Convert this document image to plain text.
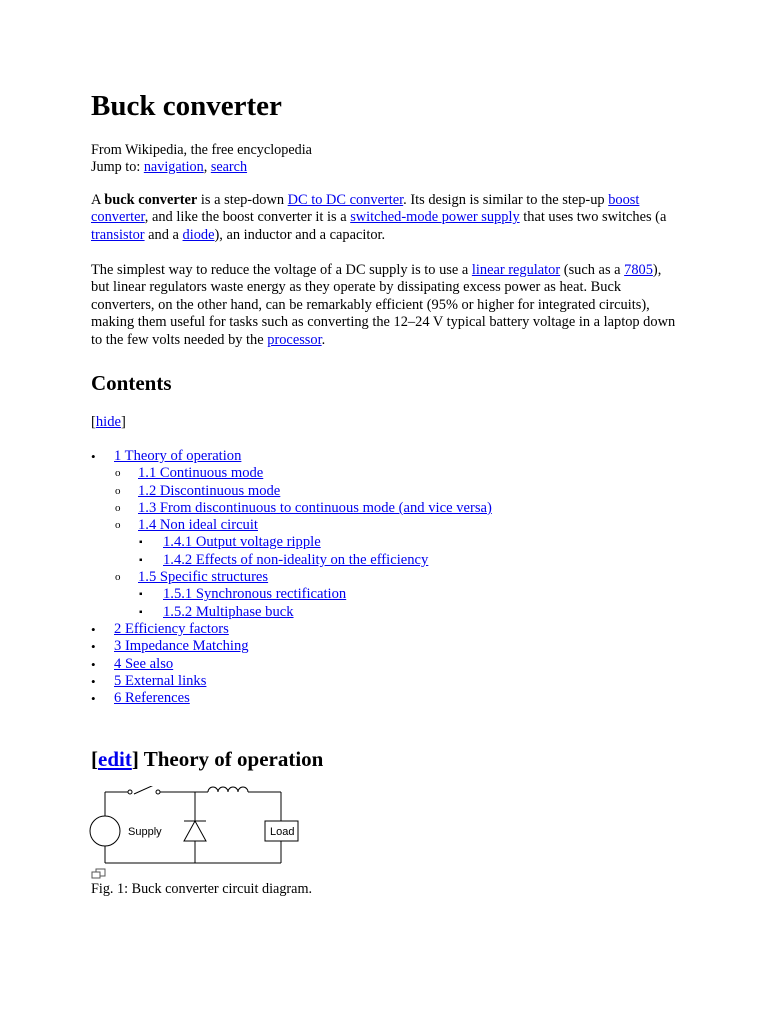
Buck converter

From Wikipedia, the free encyclopedia

Jump to: navigation, search

A buck converter is a step-down DC to DC converter. Its design is similar to the step-up boost converter, and like the boost converter it is a switched-mode power supply that uses two switches (a transistor and a diode), an inductor and a capacitor.

The simplest way to reduce the voltage of a DC supply is to use a linear regulator (such as a 7805), but linear regulators waste energy as they operate by dissipating excess power as heat. Buck converters, on the other hand, can be remarkably efficient (95% or higher for integrated circuits), making them useful for tasks such as converting the 12–24 V typical battery voltage in a laptop down to the few volts needed by the processor.

Contents

[hide]

• 1 Theory of operation
o 1.1 Continuous mode
o 1.2 Discontinuous mode
o 1.3 From discontinuous to continuous mode (and vice versa)
o 1.4 Non ideal circuit
▪ 1.4.1 Output voltage ripple
▪ 1.4.2 Effects of non-ideality on the efficiency
o 1.5 Specific structures
▪ 1.5.1 Synchronous rectification
▪ 1.5.2 Multiphase buck
• 2 Efficiency factors
• 3 Impedance Matching
• 4 See also
• 5 External links
• 6 References
[edit] Theory of operation
Supply	Load

Fig. 1: Buck converter circuit diagram.
